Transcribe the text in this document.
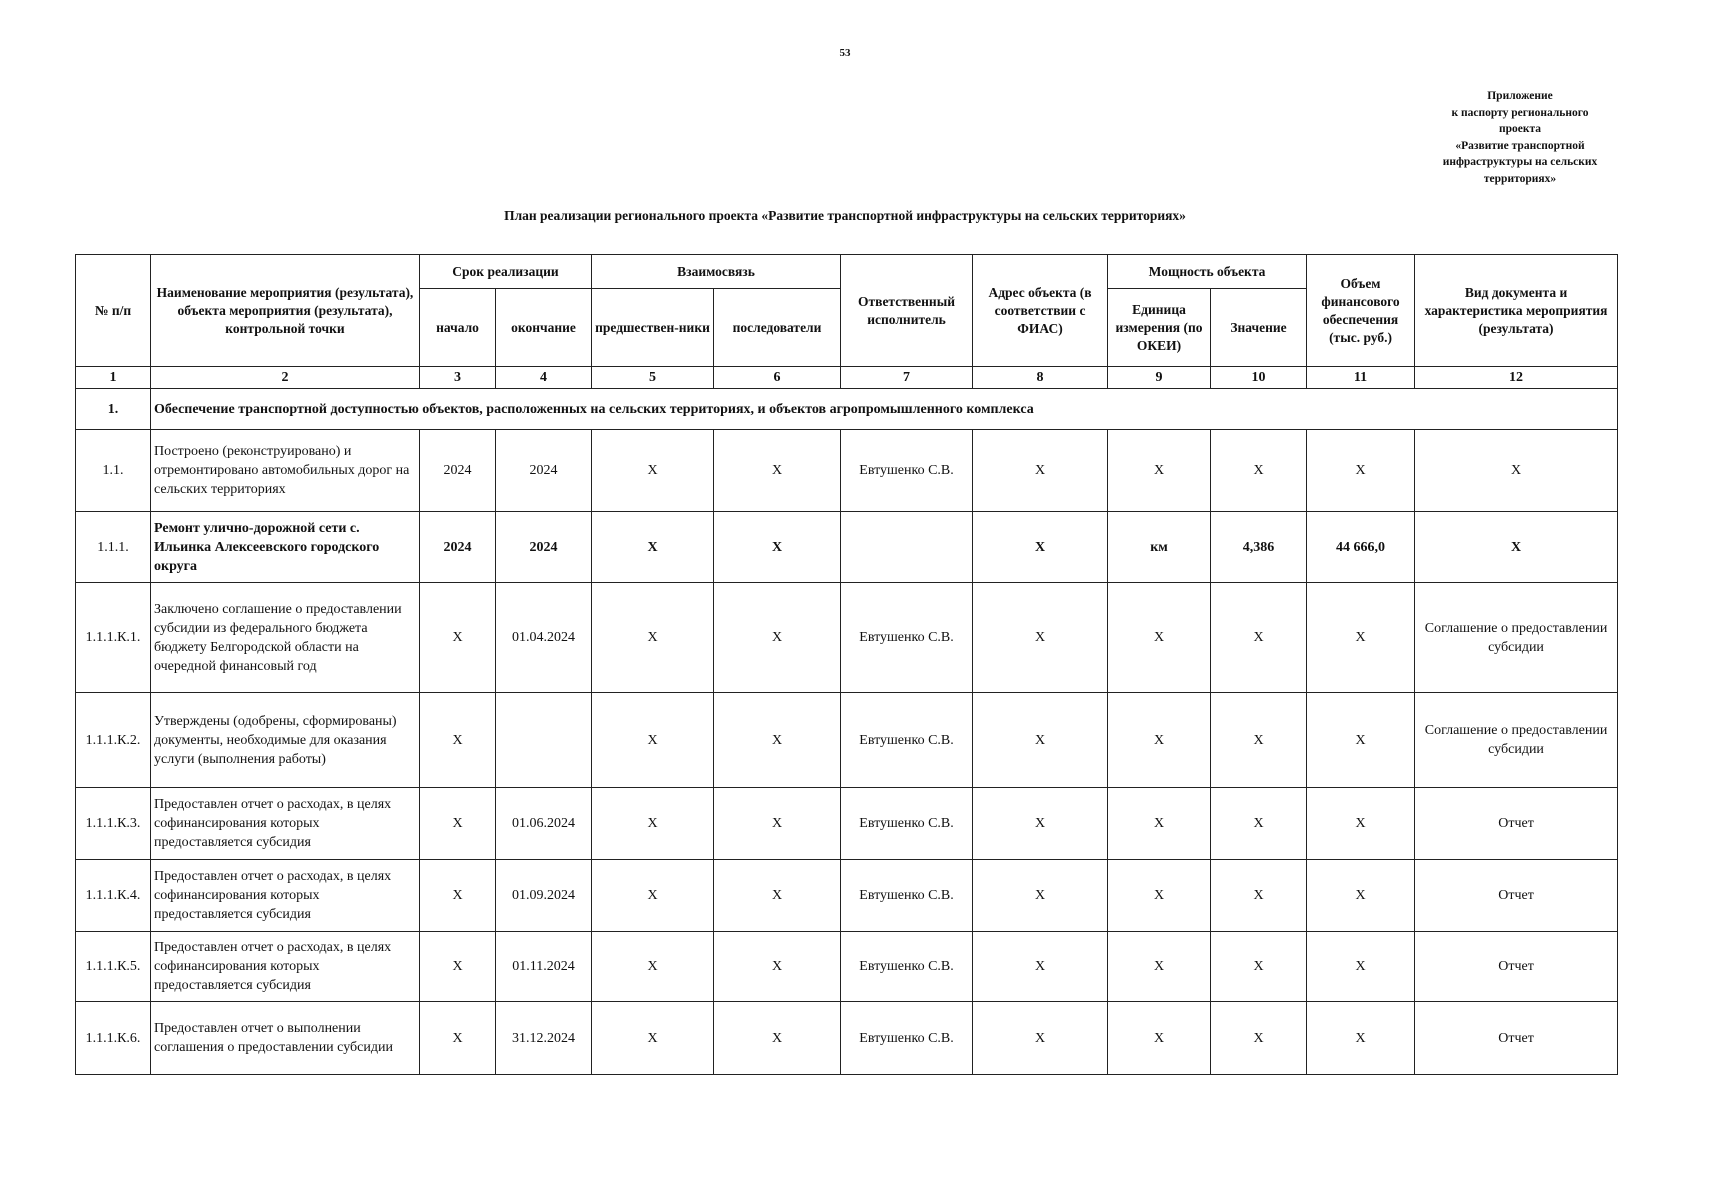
53
Приложение
к паспорту регионального
проекта
«Развитие транспортной
инфраструктуры на сельских
территориях»
План реализации регионального проекта «Развитие транспортной инфраструктуры на сельских территориях»
№ п/п	Наименование мероприятия (результата), объекта мероприятия (результата), контрольной точки	Срок реализации		Взаимосвязь		Ответственный исполнитель	Адрес объекта (в соответствии с ФИАС)	Мощность объекта		Объем финансового обеспечения (тыс. руб.)	Вид документа и характеристика мероприятия (результата)
		начало	окончание	предшествен-ники	последователи			Единица измерения (по ОКЕИ)	Значение		
1	2	3	4	5	6	7	8	9	10	11	12
1.	Обеспечение транспортной доступностью объектов, расположенных на сельских территориях, и объектов агропромышленного комплекса										
1.1.	Построено (реконструировано) и отремонтировано автомобильных дорог на сельских территориях	2024	2024	X	X	Евтушенко С.В.	X	X	X	X	X
1.1.1.	Ремонт улично-дорожной сети с. Ильинка Алексеевского городского округа	2024	2024	X	X		X	км	4,386	44 666,0	X
1.1.1.К.1.	Заключено соглашение о предоставлении субсидии из федерального бюджета бюджету Белгородской области на очередной финансовый год	X	01.04.2024	X	X	Евтушенко С.В.	X	X	X	X	Соглашение о предоставлении субсидии
1.1.1.К.2.	Утверждены (одобрены, сформированы) документы, необходимые для оказания услуги (выполнения работы)	X		X	X	Евтушенко С.В.	X	X	X	X	Соглашение о предоставлении субсидии
1.1.1.К.3.	Предоставлен отчет о расходах, в целях софинансирования которых предоставляется субсидия	X	01.06.2024	X	X	Евтушенко С.В.	X	X	X	X	Отчет
1.1.1.К.4.	Предоставлен отчет о расходах, в целях софинансирования которых предоставляется субсидия	X	01.09.2024	X	X	Евтушенко С.В.	X	X	X	X	Отчет
1.1.1.К.5.	Предоставлен отчет о расходах, в целях софинансирования которых предоставляется субсидия	X	01.11.2024	X	X	Евтушенко С.В.	X	X	X	X	Отчет
1.1.1.К.6.	Предоставлен отчет о выполнении соглашения о предоставлении субсидии	X	31.12.2024	X	X	Евтушенко С.В.	X	X	X	X	Отчет
